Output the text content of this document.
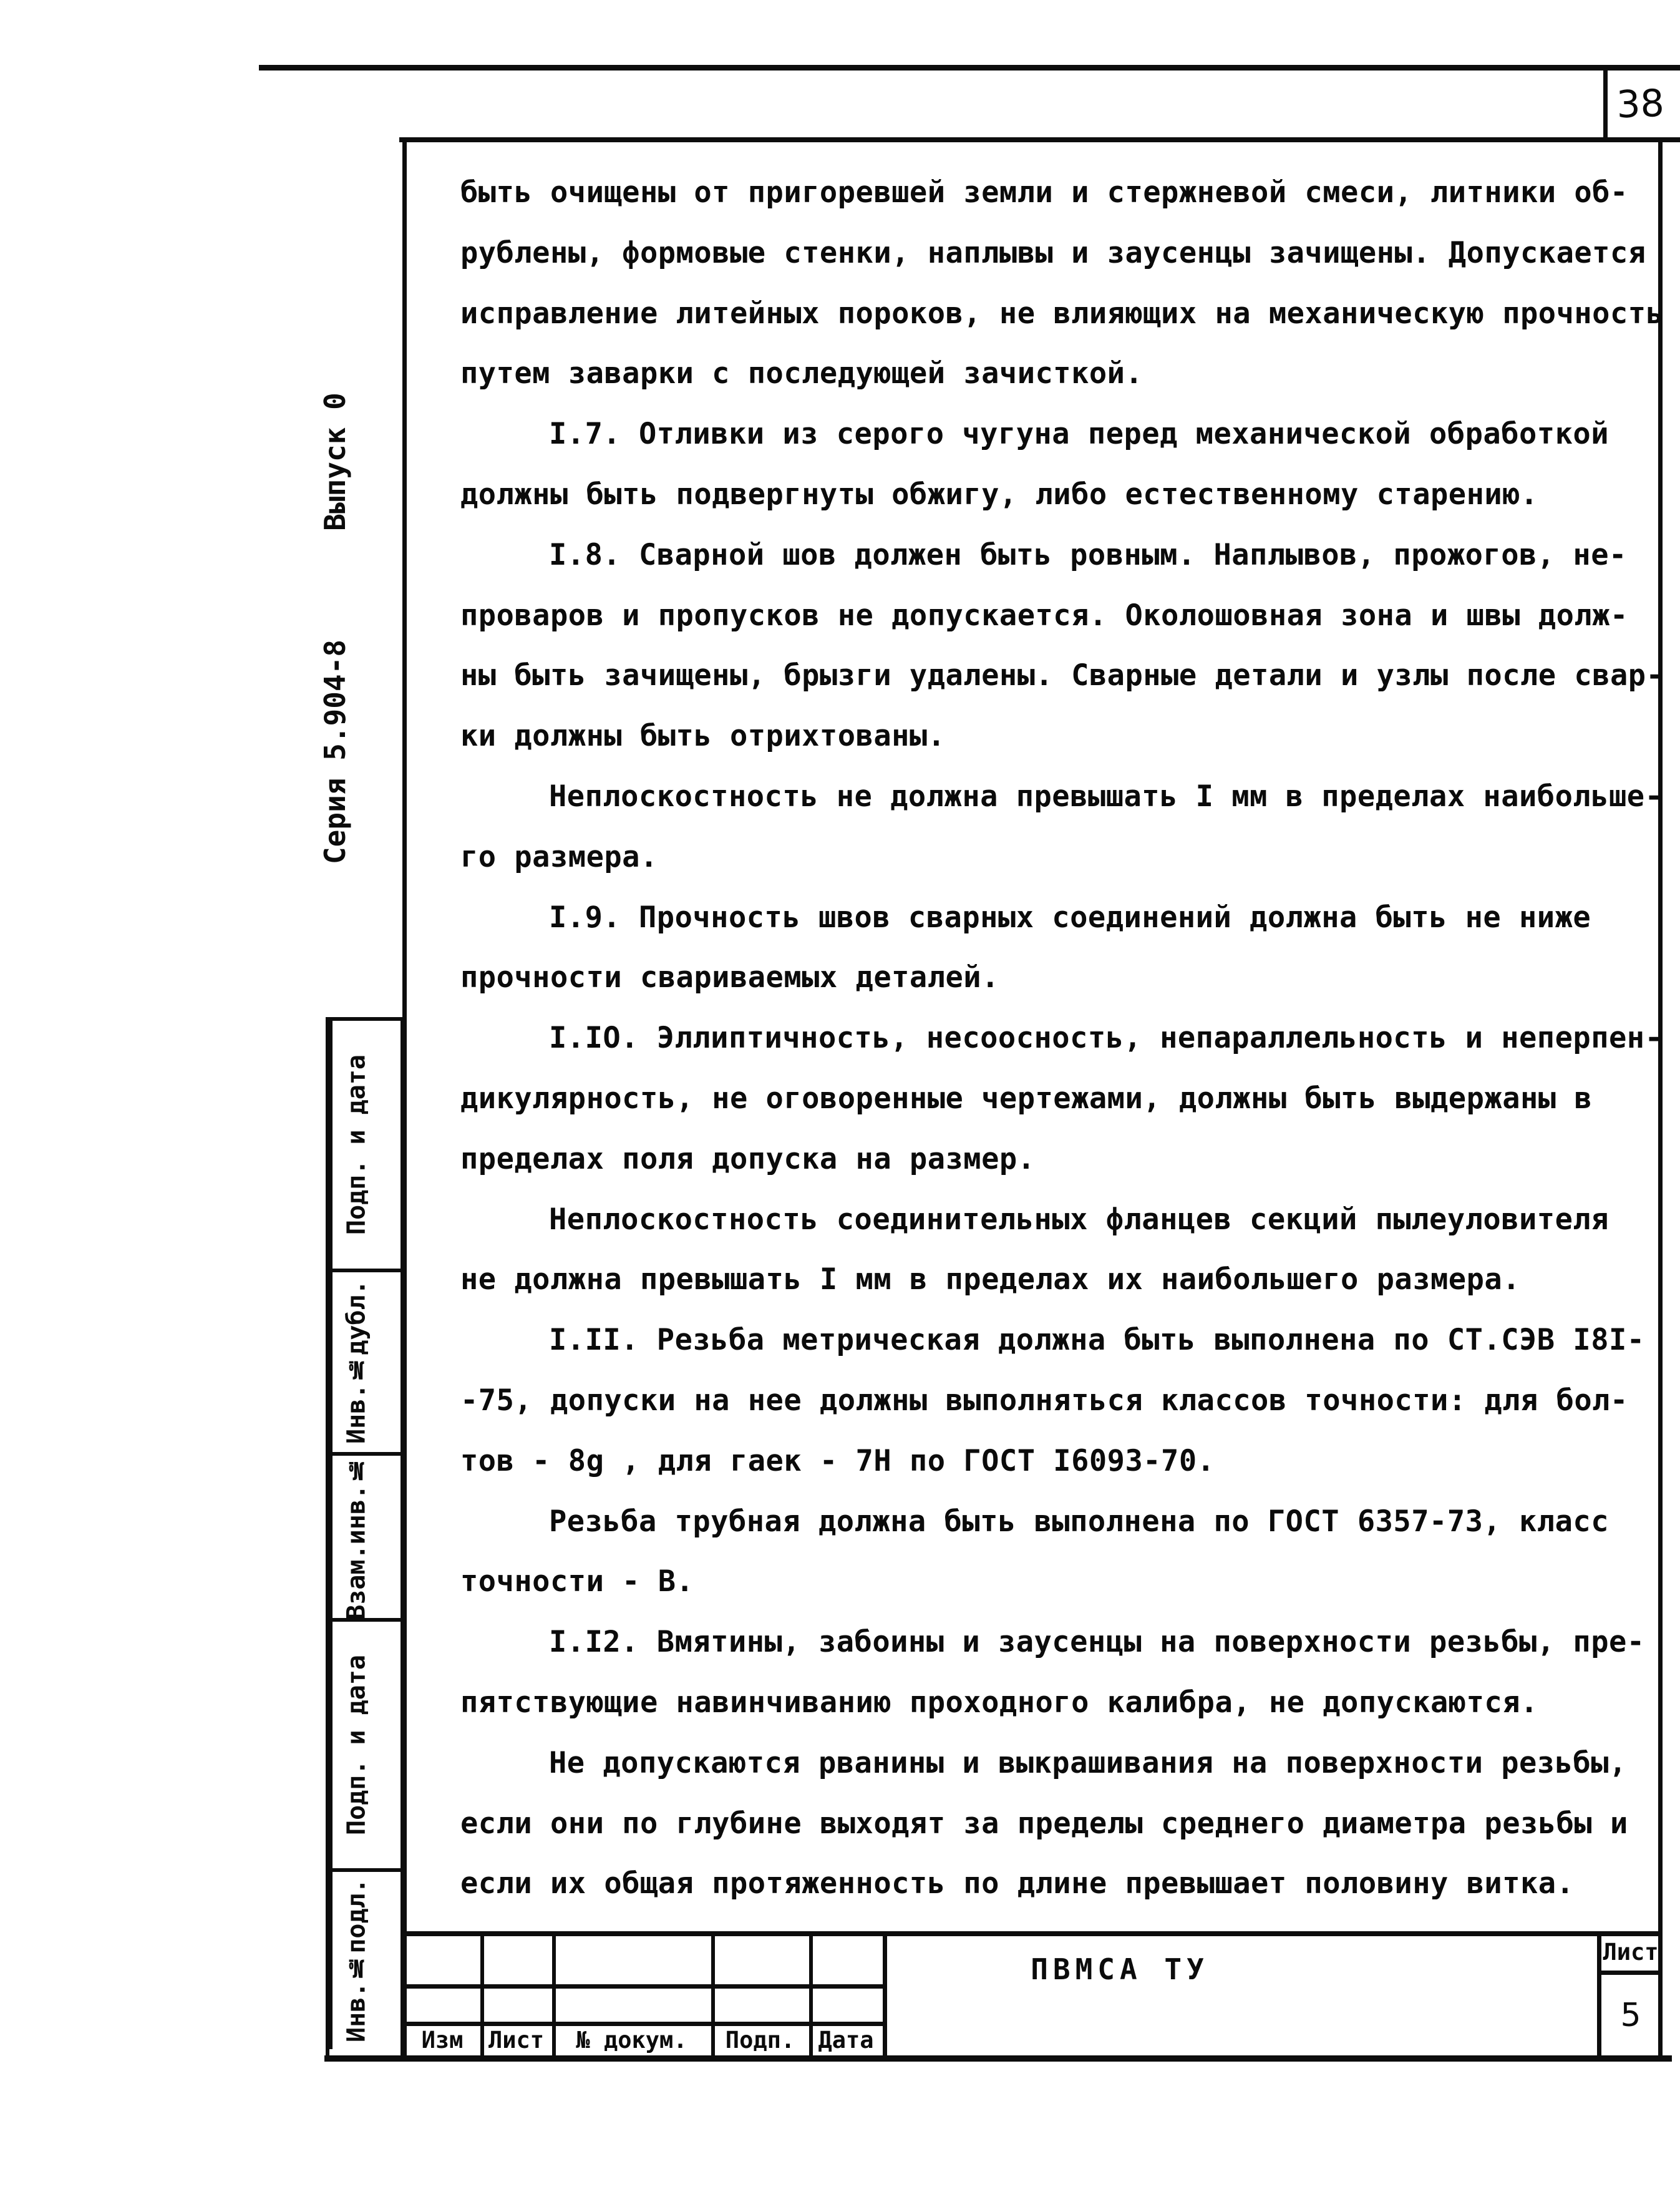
38
Выпуск 0
Серия 5.904-8
Подп. и дата
Инв.№дубл.
Взам.инв.№
Подп. и дата
Инв.№подл.
быть очищены от пригоревшей земли и стержневой смеси, литники об-
рублены, формовые стенки, наплывы и заусенцы зачищены. Допускается
исправление литейных пороков, не влияющих на механическую прочность
путем заварки с последующей зачисткой.
I.7. Отливки из серого чугуна перед механической обработкой
должны быть подвергнуты обжигу, либо естественному старению.
I.8. Сварной шов должен быть ровным. Наплывов, прожогов, не-
проваров и пропусков не допускается. Околошовная зона и швы долж-
ны быть зачищены, брызги удалены. Сварные детали и узлы после свар-
ки должны быть отрихтованы.
Неплоскостность не должна превышать I мм в пределах наибольше-
го размера.
I.9. Прочность швов сварных соединений должна быть не ниже
прочности свариваемых деталей.
I.IO. Эллиптичность, несоосность, непараллельность и неперпен-
дикулярность, не оговоренные чертежами, должны быть выдержаны в
пределах поля допуска на размер.
Неплоскостность соединительных фланцев секций пылеуловителя
не должна превышать I мм в пределах их наибольшего размера.
I.II. Резьба метрическая должна быть выполнена по СТ.СЭВ I8I-
-75, допуски на нее должны выполняться классов точности: для бол-
тов - 8g , для гаек - 7Н по ГОСТ I6093-70.
Резьба трубная должна быть выполнена по ГОСТ 6357-73, класс
точности - В.
I.I2. Вмятины, забоины и заусенцы на поверхности резьбы, пре-
пятствующие навинчиванию проходного калибра, не допускаются.
Не допускаются рванины и выкрашивания на поверхности резьбы,
если они по глубине выходят за пределы среднего диаметра резьбы и
если их общая протяженность по длине превышает половину витка.
Изм	Лист	№ докум.	Подп.	Дата
ПВМСА ТУ
Лист
5
